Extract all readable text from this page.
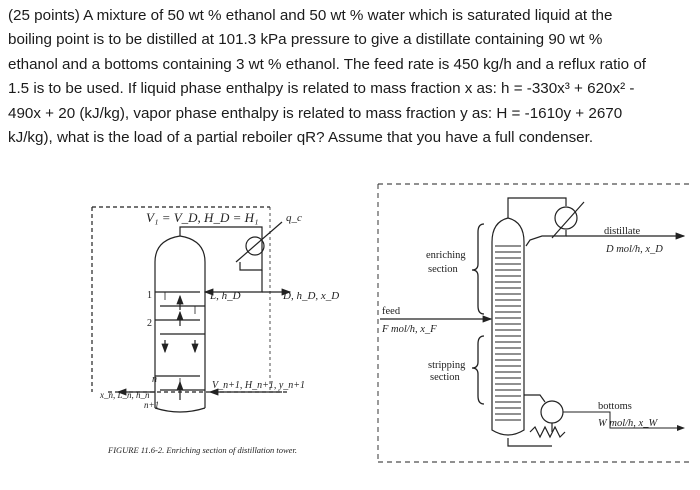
(25 points) A mixture of 50 wt % ethanol and 50 wt % water which is saturated liquid at the

boiling point is to be distilled at 101.3 kPa pressure to give a distillate containing 90 wt %

ethanol and a bottoms containing 3 wt % ethanol. The feed rate is 450 kg/h and a reflux ratio of

1.5 is to be used. If liquid phase enthalpy is related to mass fraction x as: h = -330x³ + 620x² -

490x + 20 (kJ/kg), vapor phase enthalpy is related to mass fraction y as: H = -1610y + 2670

kJ/kg), what is the load of a partial reboiler qR? Assume that you have a full condenser.

V₁ = V_D, H_D = H₁ q_c
L, h_D	D, h_D, x_D
1
2
n
n+1
x_n, L_n, h_n
V_n+1, H_n+1, y_n+1
FIGURE 11.6-2. Enriching section of distillation tower.
distillate
D mol/h, x_D
enriching
section
feed
F mol/h, x_F
stripping
section
bottoms
W mol/h, x_W
